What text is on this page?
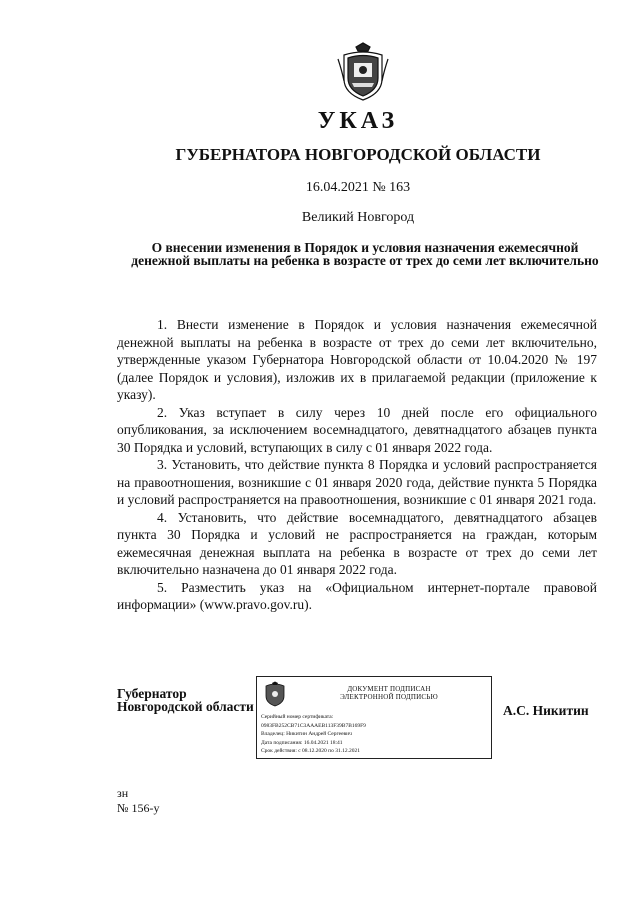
УКАЗ
ГУБЕРНАТОРА НОВГОРОДСКОЙ ОБЛАСТИ
16.04.2021 № 163
Великий Новгород
О внесении изменения в Порядок и условия назначения ежемесячной денежной выплаты на ребенка в возрасте от трех до семи лет включительно

1. Внести изменение в Порядок и условия назначения ежемесячной денежной выплаты на ребенка в возрасте от трех до семи лет включительно, утвержденные указом Губернатора Новгородской области от 10.04.2020 № 197 (далее Порядок и условия), изложив их в прилагаемой редакции (приложение к указу).

2. Указ вступает в силу через 10 дней после его официального опубликования, за исключением восемнадцатого, девятнадцатого абзацев пункта 30 Порядка и условий, вступающих в силу с 01 января 2022 года.

3. Установить, что действие пункта 8 Порядка и условий распространяется на правоотношения, возникшие с 01 января 2020 года, действие пункта 5 Порядка и условий распространяется на правоотношения, возникшие с 01 января 2021 года.

4. Установить, что действие восемнадцатого, девятнадцатого абзацев пункта 30 Порядка и условий не распространяется на граждан, которым ежемесячная денежная выплата на ребенка в возрасте от трех до семи лет включительно назначена до 01 января 2022 года.

5. Разместить указ на «Официальном интернет-портале правовой информации» (www.pravo.gov.ru).

Губернатор
Новгородской области
ДОКУМЕНТ ПОДПИСАН
ЭЛЕКТРОННОЙ ПОДПИСЬЮ
Серийный номер сертификата:
0983FB252CB71C3AAAEB113F39B7B169F9
Владелец: Никитин Андрей Сергеевич
Дата подписания: 16.04.2021 18:41
Срок действия: с 08.12.2020 по 31.12.2021
А.С. Никитин
зн
№ 156-у
